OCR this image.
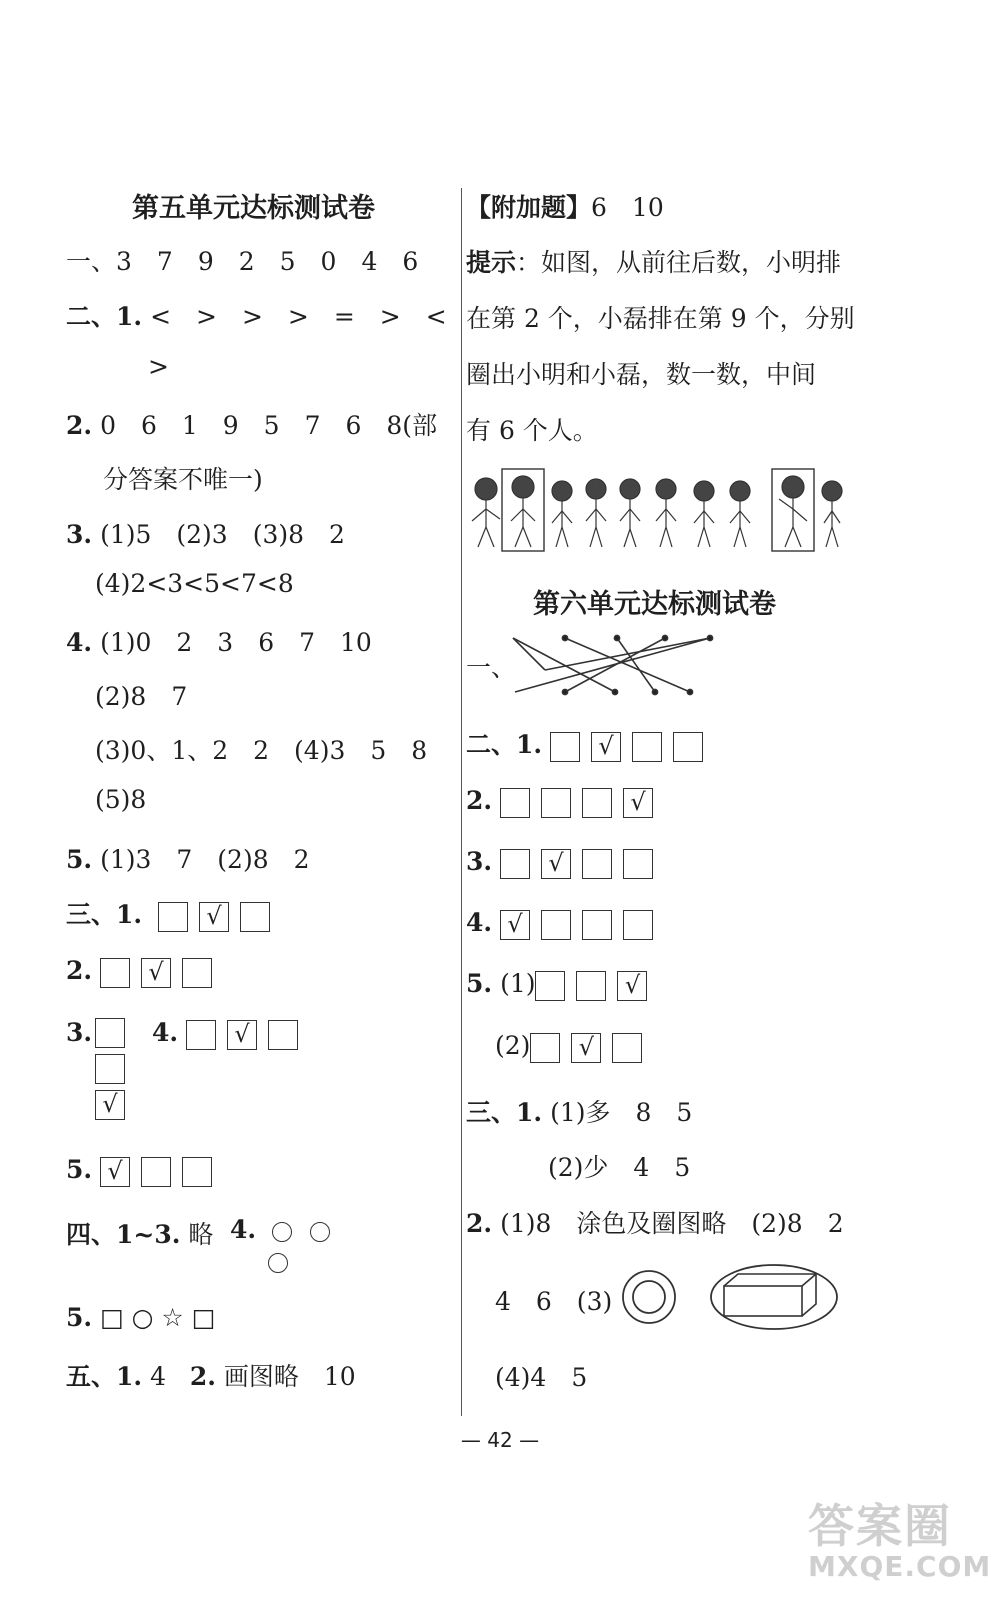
第五单元达标测试卷
一、3　7　9　2　5　0　4　6
二、1. <　>　>　>　=　>　<
>
2. 0　6　1　9　5　7　6　8(部
分答案不唯一)
3. (1)5　(2)3　(3)8　2
(4)2<3<5<7<8
4. (1)0　2　3　6　7　10
(2)8　7
(3)0、1、2　2　(4)3　5　8
(5)8
5. (1)3　7　(2)8　2
三、1.	√
2. √
3.
√
4. √
5. √
四、1~3. 略 4.
5. □ ○ ☆ □
五、1. 4 2. 画图略　10
【附加题】6　10
提示：如图，从前往后数，小明排
在第 2 个，小磊排在第 9 个，分别
圈出小明和小磊，数一数，中间
有 6 个人。
第六单元达标测试卷
一、
二、1. √
2.	√
3. √
4. √
5. (1)	√
(2) √
三、1. (1)多　8　5
(2)少　4　5
2. (1)8　涂色及圈图略　(2)8　2
4　6　(3)
(4)4　5
— 42 —
答案圈
MXQE.COM
